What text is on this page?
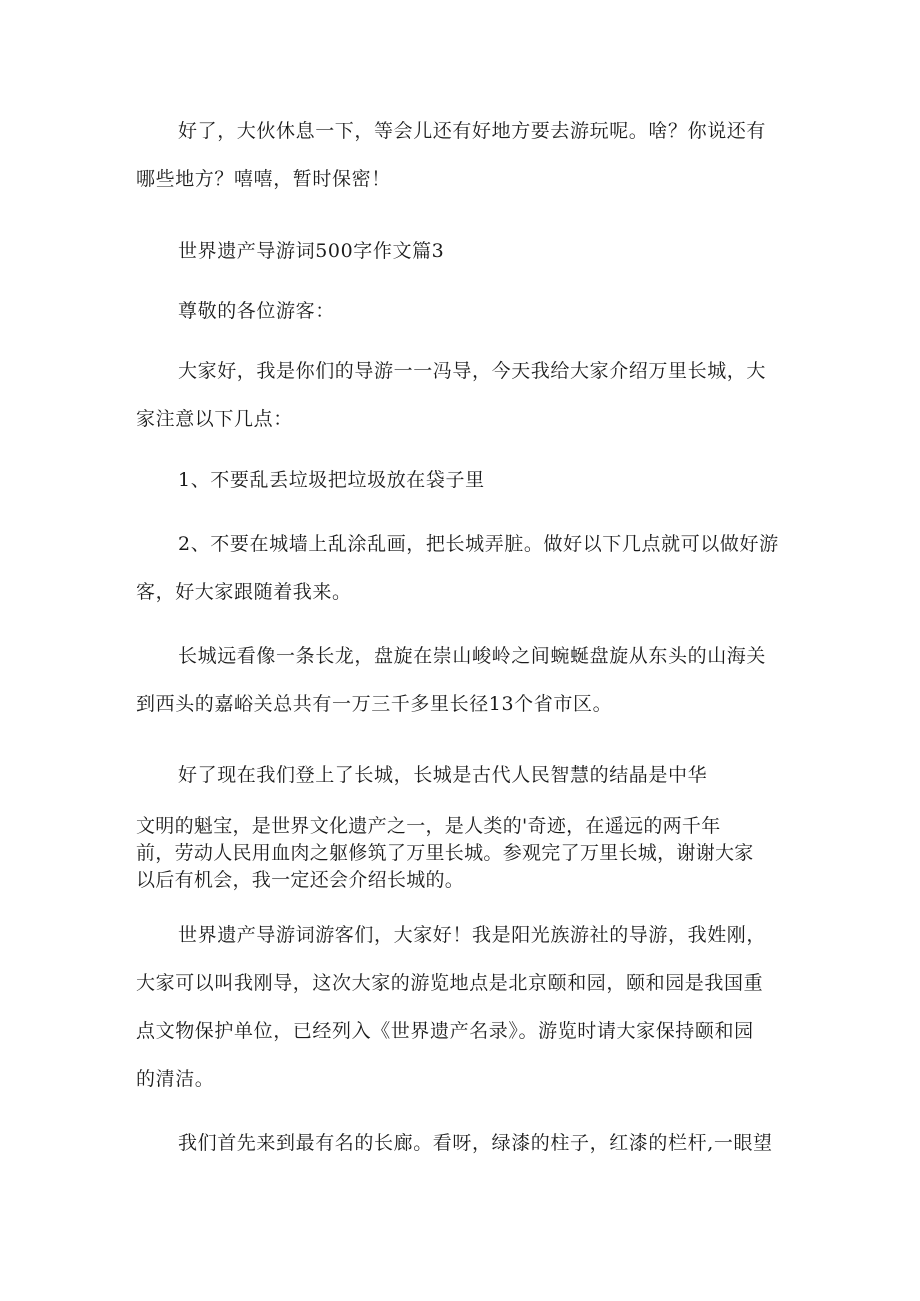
好了，大伙休息一下，等会儿还有好地方要去游玩呢。啥？你说还有
哪些地方？嘻嘻，暂时保密！
世界遗产导游词500字作文篇3
尊敬的各位游客：
大家好，我是你们的导游一一冯导，今天我给大家介绍万里长城，大
家注意以下几点：
1、不要乱丢垃圾把垃圾放在袋子里
2、不要在城墙上乱涂乱画，把长城弄脏。做好以下几点就可以做好游
客，好大家跟随着我来。
长城远看像一条长龙，盘旋在崇山峻岭之间蜿蜒盘旋从东头的山海关
到西头的嘉峪关总共有一万三千多里长径13个省市区。
好了现在我们登上了长城，长城是古代人民智慧的结晶是中华
文明的魁宝，是世界文化遗产之一，是人类的'奇迹，在遥远的两千年
前，劳动人民用血肉之躯修筑了万里长城。参观完了万里长城，谢谢大家
以后有机会，我一定还会介绍长城的。
世界遗产导游词游客们，大家好！我是阳光族游社的导游，我姓刚，
大家可以叫我刚导，这次大家的游览地点是北京颐和园，颐和园是我国重
点文物保护单位，已经列入《世界遗产名录》。游览时请大家保持颐和园
的清洁。
我们首先来到最有名的长廊。看呀，绿漆的柱子，红漆的栏杆,一眼望
